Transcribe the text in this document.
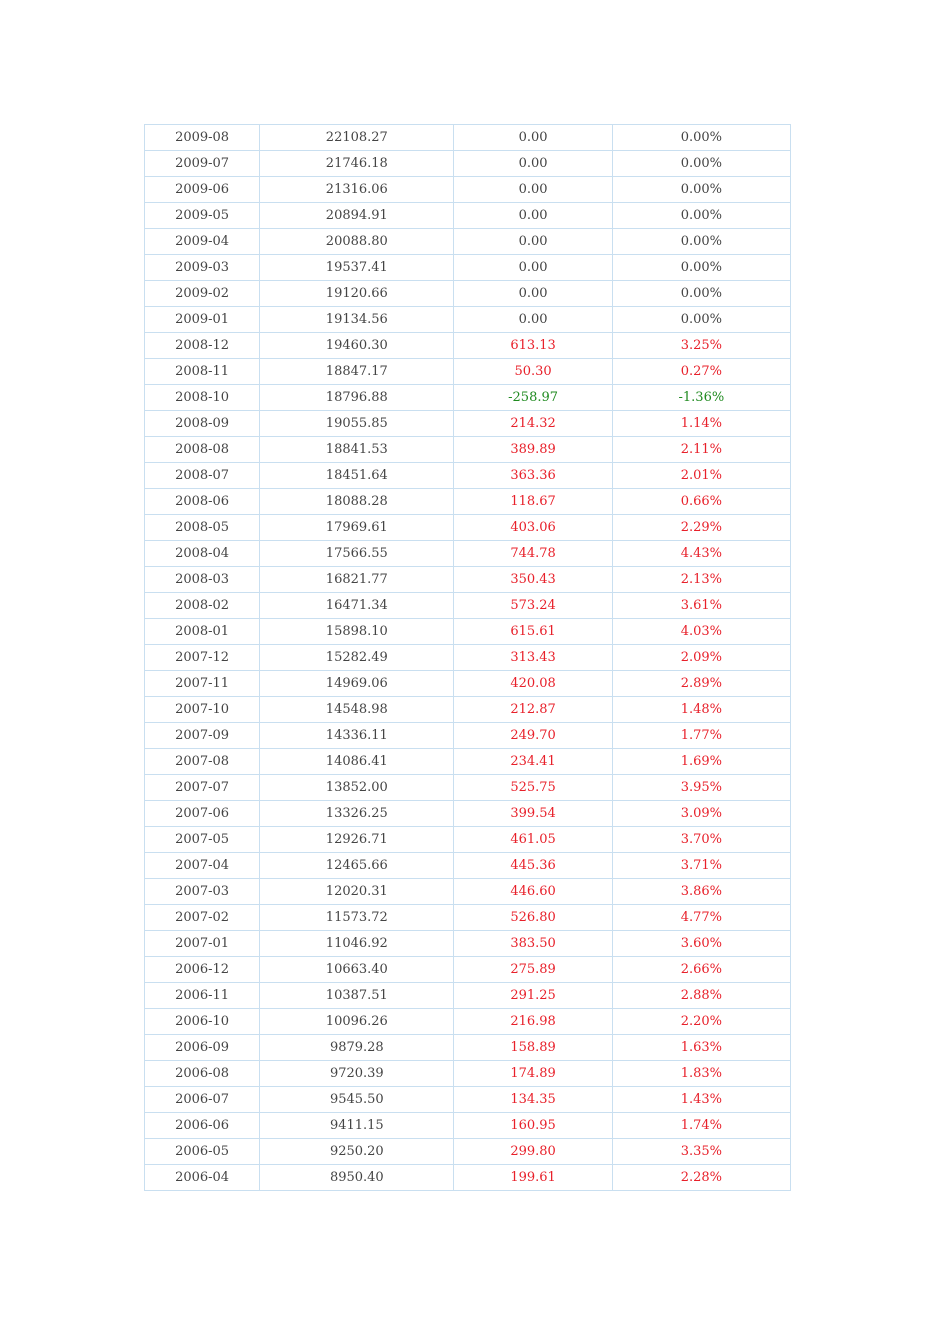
2009-08	22108.27	0.00	0.00%
2009-07	21746.18	0.00	0.00%
2009-06	21316.06	0.00	0.00%
2009-05	20894.91	0.00	0.00%
2009-04	20088.80	0.00	0.00%
2009-03	19537.41	0.00	0.00%
2009-02	19120.66	0.00	0.00%
2009-01	19134.56	0.00	0.00%
2008-12	19460.30	613.13	3.25%
2008-11	18847.17	50.30	0.27%
2008-10	18796.88	-258.97	-1.36%
2008-09	19055.85	214.32	1.14%
2008-08	18841.53	389.89	2.11%
2008-07	18451.64	363.36	2.01%
2008-06	18088.28	118.67	0.66%
2008-05	17969.61	403.06	2.29%
2008-04	17566.55	744.78	4.43%
2008-03	16821.77	350.43	2.13%
2008-02	16471.34	573.24	3.61%
2008-01	15898.10	615.61	4.03%
2007-12	15282.49	313.43	2.09%
2007-11	14969.06	420.08	2.89%
2007-10	14548.98	212.87	1.48%
2007-09	14336.11	249.70	1.77%
2007-08	14086.41	234.41	1.69%
2007-07	13852.00	525.75	3.95%
2007-06	13326.25	399.54	3.09%
2007-05	12926.71	461.05	3.70%
2007-04	12465.66	445.36	3.71%
2007-03	12020.31	446.60	3.86%
2007-02	11573.72	526.80	4.77%
2007-01	11046.92	383.50	3.60%
2006-12	10663.40	275.89	2.66%
2006-11	10387.51	291.25	2.88%
2006-10	10096.26	216.98	2.20%
2006-09	9879.28	158.89	1.63%
2006-08	9720.39	174.89	1.83%
2006-07	9545.50	134.35	1.43%
2006-06	9411.15	160.95	1.74%
2006-05	9250.20	299.80	3.35%
2006-04	8950.40	199.61	2.28%
